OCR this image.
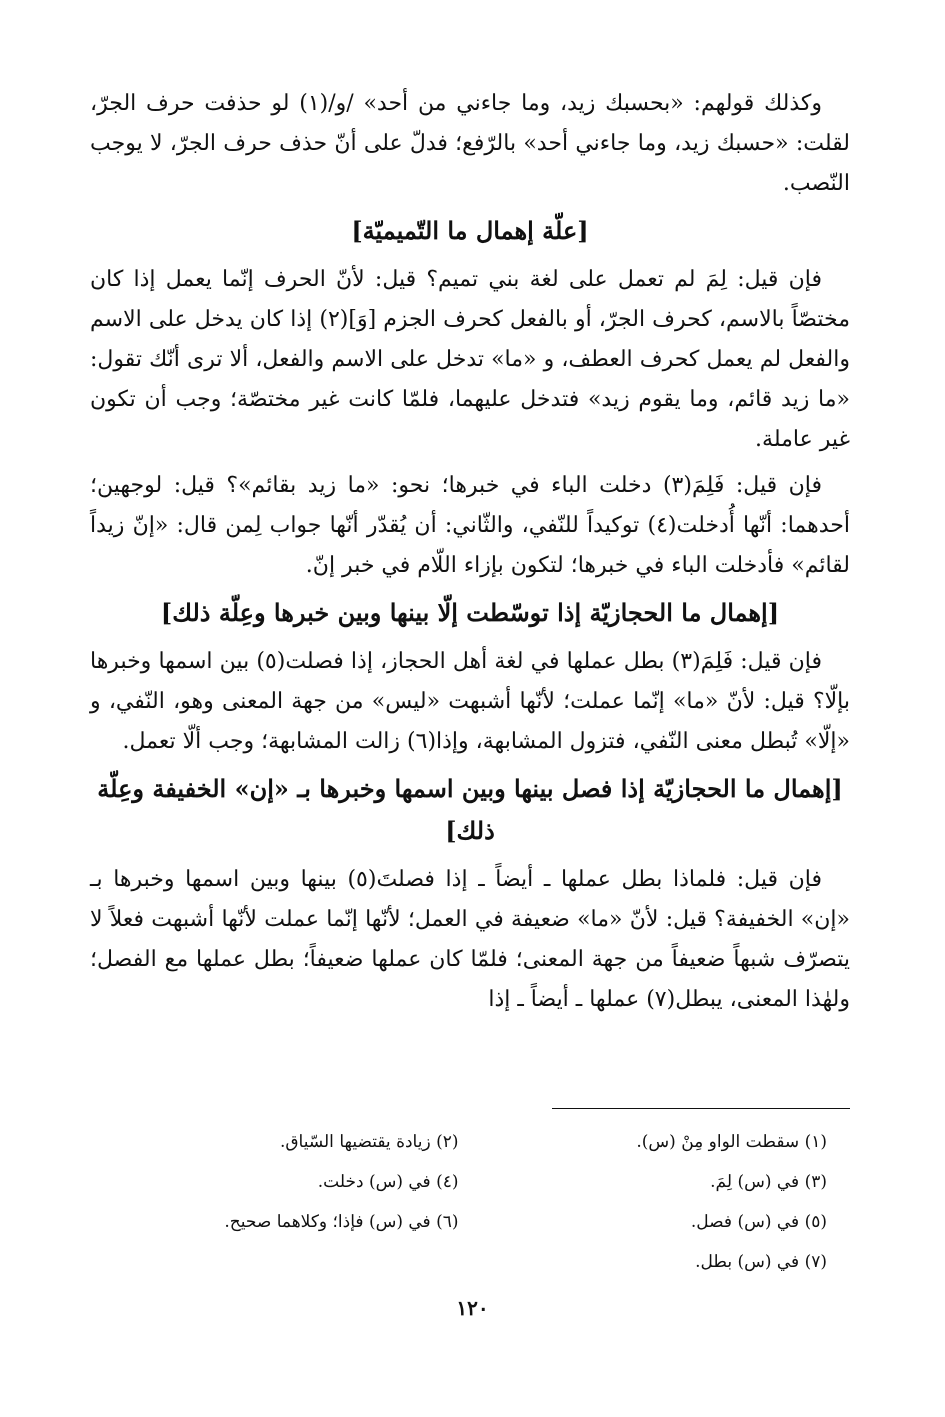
وكذلك قولهم: «بحسبك زيد، وما جاءني من أحد» /و/(١) لو حذفت حرف الجرّ، لقلت: «حسبك زيد، وما جاءني أحد» بالرّفع؛ فدلّ على أنّ حذف حرف الجرّ، لا يوجب النّصب.

[علّة إهمال ما التّميميّة]

فإن قيل: لِمَ لم تعمل على لغة بني تميم؟ قيل: لأنّ الحرف إنّما يعمل إذا كان مختصّاً بالاسم، كحرف الجرّ، أو بالفعل كحرف الجزم [وَ](٢) إذا كان يدخل على الاسم والفعل لم يعمل كحرف العطف، و «ما» تدخل على الاسم والفعل، ألا ترى أنّك تقول: «ما زيد قائم، وما يقوم زيد» فتدخل عليهما، فلمّا كانت غير مختصّة؛ وجب أن تكون غير عاملة.

فإن قيل: فَلِمَ(٣) دخلت الباء في خبرها؛ نحو: «ما زيد بقائم»؟ قيل: لوجهين؛ أحدهما: أنّها أُدخلت(٤) توكيداً للنّفي، والثّاني: أن يُقدّر أنّها جواب لِمن قال: «إنّ زيداً لقائم» فأدخلت الباء في خبرها؛ لتكون بإزاء اللّام في خبر إنّ.

[إهمال ما الحجازيّة إذا توسّطت إلّا بينها وبين خبرها وعِلّة ذلك]

فإن قيل: فَلِمَ(٣) بطل عملها في لغة أهل الحجاز، إذا فصلت(٥) بين اسمها وخبرها بإلّا؟ قيل: لأنّ «ما» إنّما عملت؛ لأنّها أشبهت «ليس» من جهة المعنى وهو، النّفي، و «إلّا» تُبطل معنى النّفي، فتزول المشابهة، وإذا(٦) زالت المشابهة؛ وجب ألّا تعمل.

[إهمال ما الحجازيّة إذا فصل بينها وبين اسمها وخبرها بـ «إن» الخفيفة وعِلّة ذلك]

فإن قيل: فلماذا بطل عملها ـ أيضاً ـ إذا فصلتَ(٥) بينها وبين اسمها وخبرها بـ «إن» الخفيفة؟ قيل: لأنّ «ما» ضعيفة في العمل؛ لأنّها إنّما عملت لأنّها أشبهت فعلاً لا يتصرّف شبهاً ضعيفاً من جهة المعنى؛ فلمّا كان عملها ضعيفاً؛ بطل عملها مع الفصل؛ ولهٰذا المعنى، يبطل(٧) عملها ـ أيضاً ـ إذا

(١) سقطت الواو مِنْ (س).
(٢) زيادة يقتضيها السّياق.
(٣) في (س) لِمَ.
(٤) في (س) دخلت.
(٥) في (س) فصل.
(٦) في (س) فإذا؛ وكلاهما صحيح.
(٧) في (س) بطل.
١٢٠
